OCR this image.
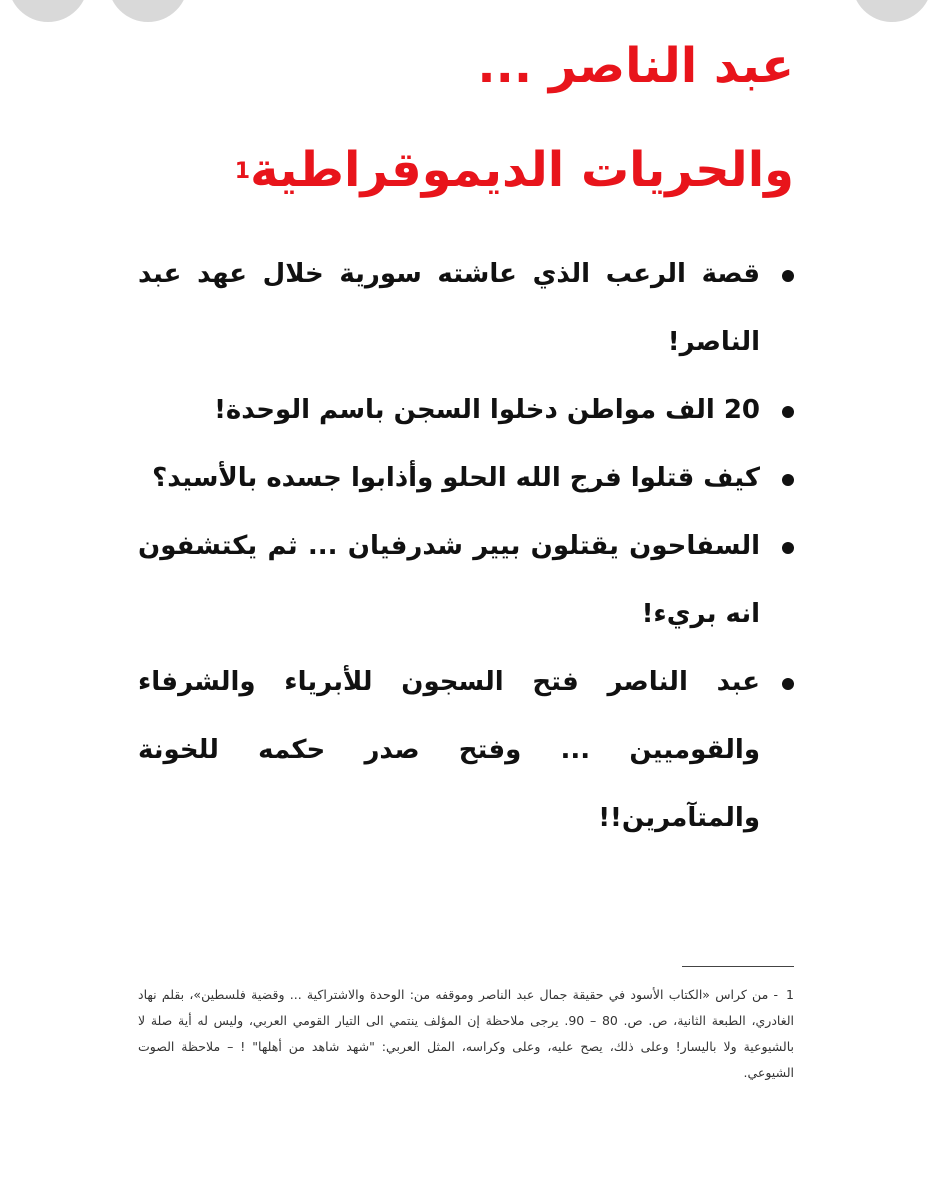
عبد الناصر ...
والحريات الديموقراطية$^1$
قصة الرعب الذي عاشته سورية خلال عهد عبد الناصر!
20 الف مواطن دخلوا السجن باسم الوحدة!
كيف قتلوا فرج الله الحلو وأذابوا جسده بالأسيد؟
السفاحون يقتلون بيير شدرفيان ... ثم يكتشفون انه بريء!
عبد الناصر فتح السجون للأبرياء والشرفاء والقوميين ... وفتح صدر حكمه للخونة والمتآمرين!!
1- من كراس «الكتاب الأسود في حقيقة جمال عبد الناصر وموقفه من: الوحدة والاشتراكية ... وقضية فلسطين»، بقلم نهاد الغادري، الطبعة الثانية، ص. ص. 80 – 90. يرجى ملاحظة إن المؤلف ينتمي الى التيار القومي العربي، وليس له أية صلة لا بالشيوعية ولا باليسار! وعلى ذلك، يصح عليه، وعلى وكراسه، المثل العربي: "شهد شاهد من أهلها" ! – ملاحظة الصوت الشيوعي.
